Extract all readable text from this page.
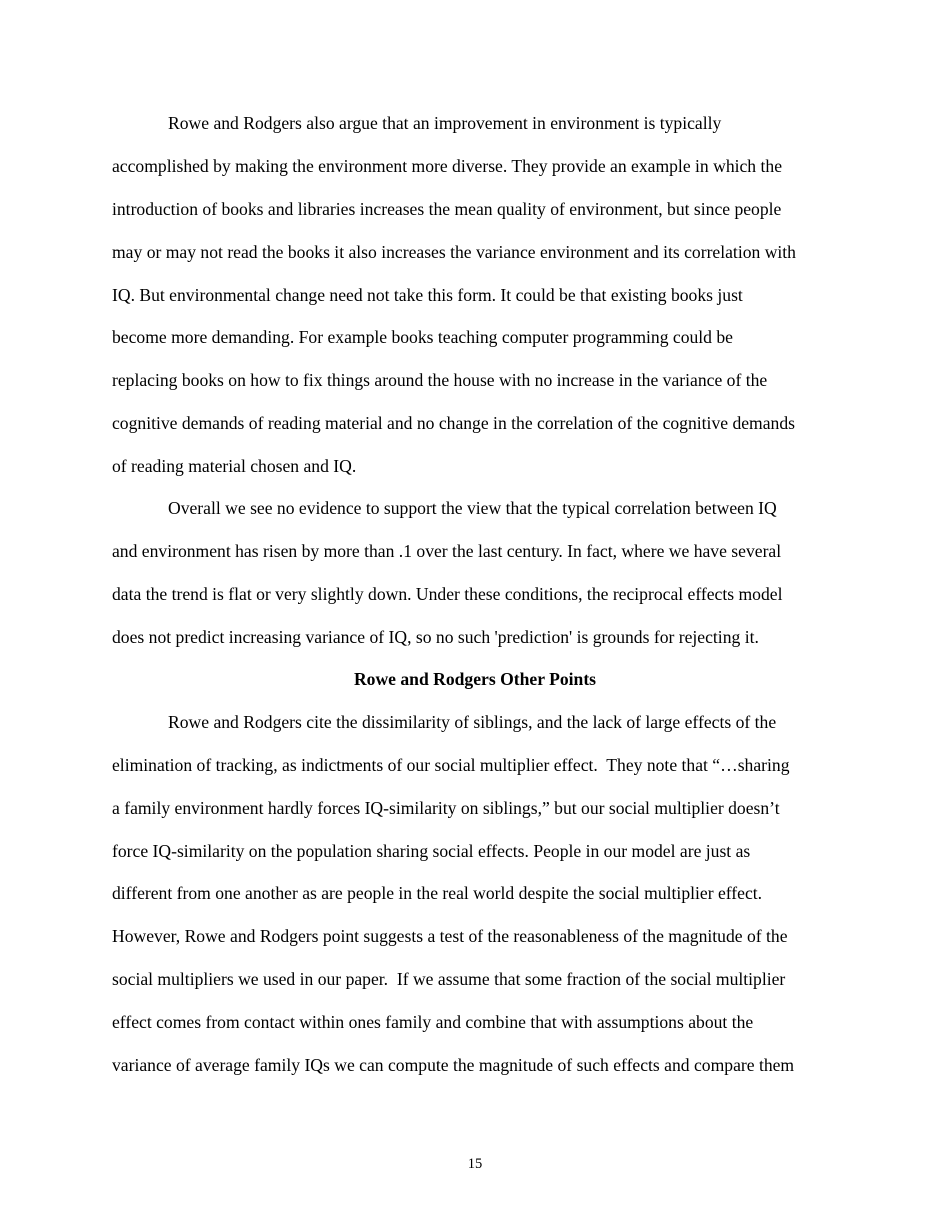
Rowe and Rodgers also argue that an improvement in environment is typically
accomplished by making the environment more diverse. They provide an example in which the
introduction of books and libraries increases the mean quality of environment, but since people
may or may not read the books it also increases the variance environment and its correlation with
IQ. But environmental change need not take this form. It could be that existing books just
become more demanding. For example books teaching computer programming could be
replacing books on how to fix things around the house with no increase in the variance of the
cognitive demands of reading material and no change in the correlation of the cognitive demands
of reading material chosen and IQ.
Overall we see no evidence to support the view that the typical correlation between IQ
and environment has risen by more than .1 over the last century. In fact, where we have several
data the trend is flat or very slightly down. Under these conditions, the reciprocal effects model
does not predict increasing variance of IQ, so no such 'prediction' is grounds for rejecting it.
Rowe and Rodgers Other Points
Rowe and Rodgers cite the dissimilarity of siblings, and the lack of large effects of the
elimination of tracking, as indictments of our social multiplier effect.  They note that “…sharing
a family environment hardly forces IQ-similarity on siblings,” but our social multiplier doesn’t
force IQ-similarity on the population sharing social effects. People in our model are just as
different from one another as are people in the real world despite the social multiplier effect.
However, Rowe and Rodgers point suggests a test of the reasonableness of the magnitude of the
social multipliers we used in our paper.  If we assume that some fraction of the social multiplier
effect comes from contact within ones family and combine that with assumptions about the
variance of average family IQs we can compute the magnitude of such effects and compare them
15
